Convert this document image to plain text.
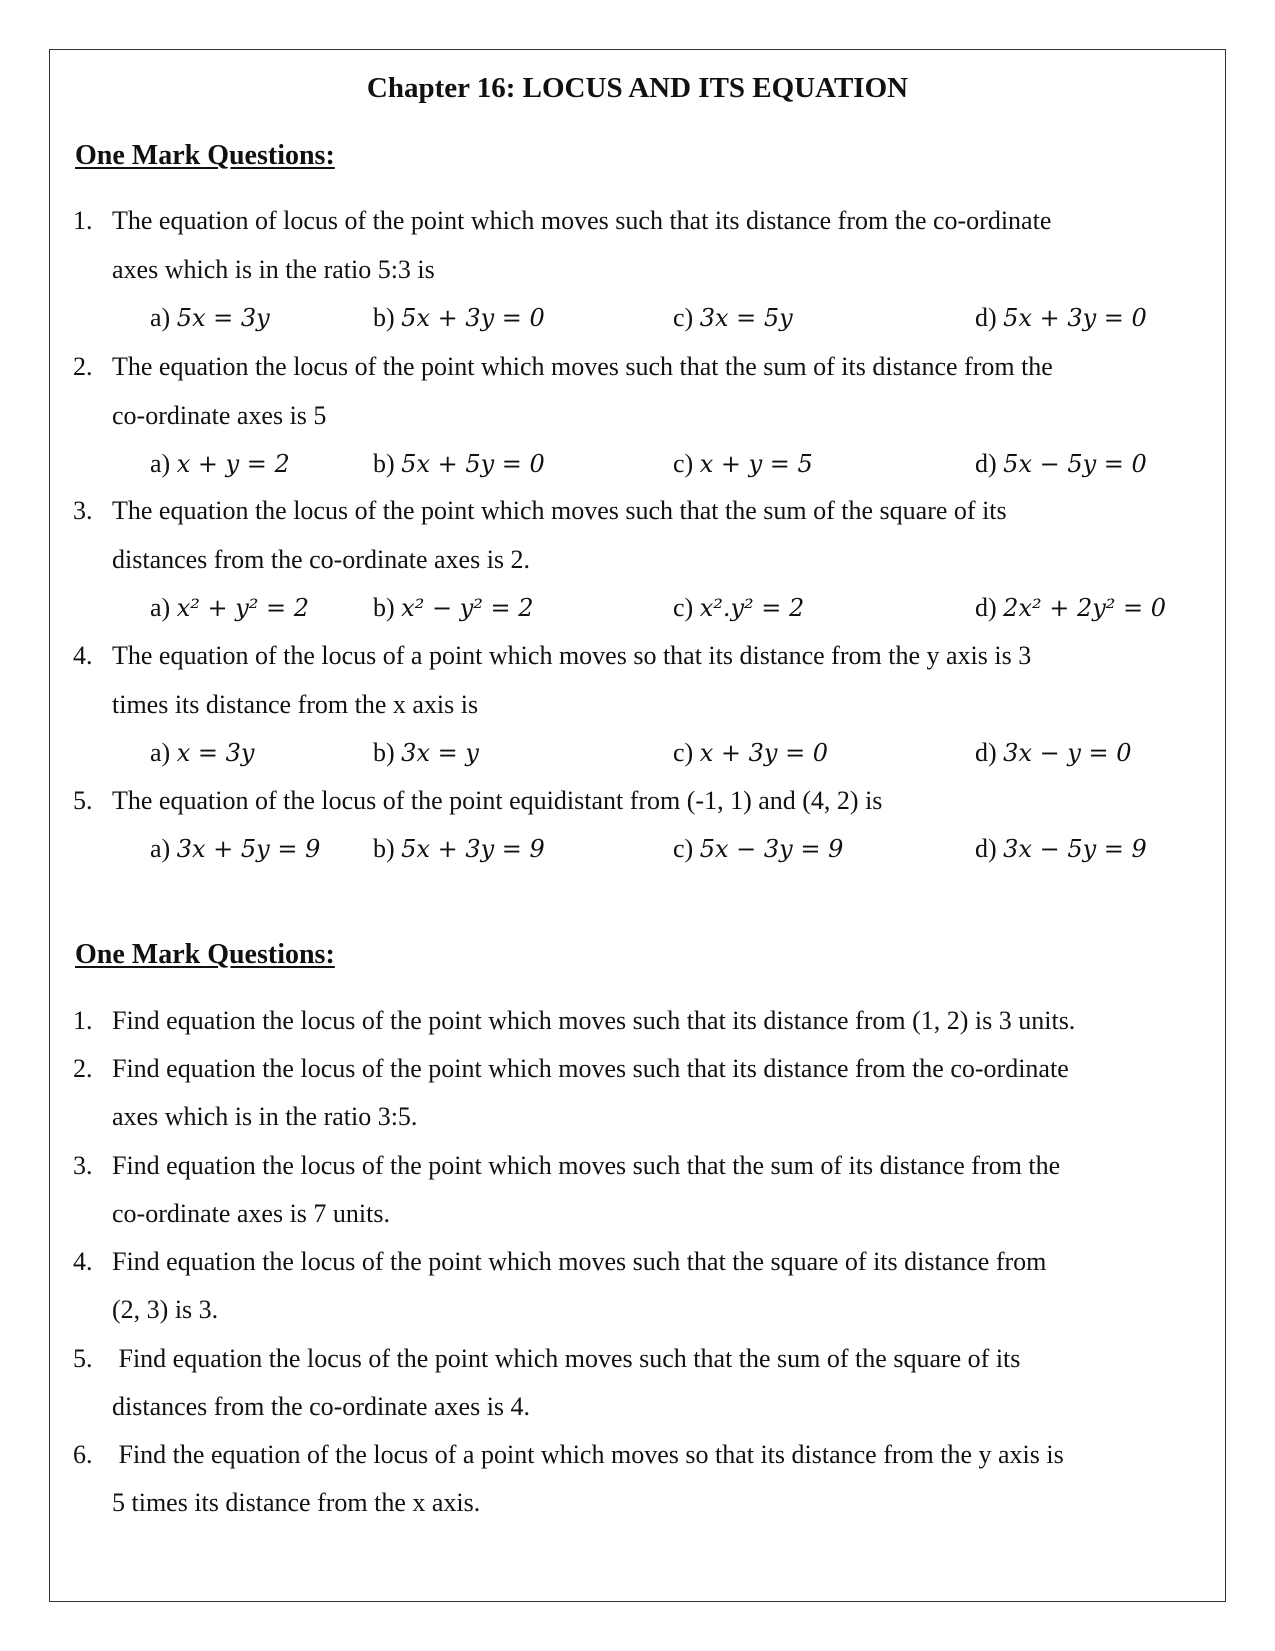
Chapter 16: LOCUS AND ITS EQUATION
One Mark Questions:
1. The equation of locus of the point which moves such that its distance from the co-ordinate
axes which is in the ratio 5:3 is
a) 5x = 3y	b) 5x + 3y = 0	c) 3x = 5y	d) 5x + 3y = 0
2. The equation the locus of the point which moves such that the sum of its distance from the
co-ordinate axes is 5
a) x + y = 2	b) 5x + 5y = 0	c) x + y = 5	d) 5x − 5y = 0
3. The equation the locus of the point which moves such that the sum of the square of its
distances from the co-ordinate axes is 2.
a) x² + y² = 2 b) x² − y² = 2	c) x².y² = 2	d) 2x² + 2y² = 0
4. The equation of the locus of a point which moves so that its distance from the y axis is 3
times its distance from the x axis is
a) x = 3y	b) 3x = y	c) x + 3y = 0	d) 3x − y = 0
5. The equation of the locus of the point equidistant from (-1, 1) and (4, 2) is
a) 3x + 5y = 9 b) 5x + 3y = 9	c) 5x − 3y = 9	d) 3x − 5y = 9
One Mark Questions:
1. Find equation the locus of the point which moves such that its distance from (1, 2) is 3 units.
2. Find equation the locus of the point which moves such that its distance from the co-ordinate
axes which is in the ratio 3:5.
3. Find equation the locus of the point which moves such that the sum of its distance from the
co-ordinate axes is 7 units.
4. Find equation the locus of the point which moves such that the square of its distance from
(2, 3) is 3.
5. Find equation the locus of the point which moves such that the sum of the square of its
distances from the co-ordinate axes is 4.
6. Find the equation of the locus of a point which moves so that its distance from the y axis is
5 times its distance from the x axis.
